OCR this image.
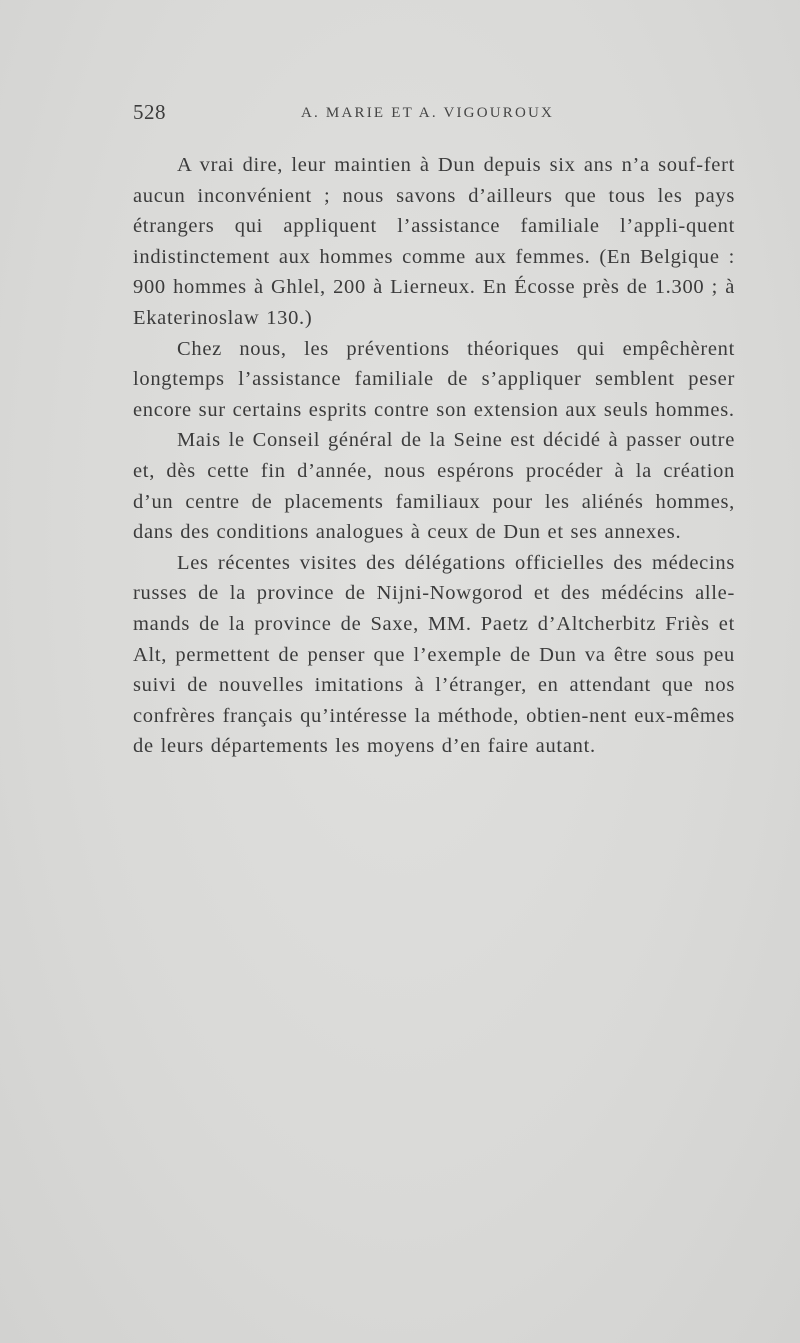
528	A. MARIE ET A. VIGOUROUX

A vrai dire, leur maintien à Dun depuis six ans n’a souf-fert aucun inconvénient ; nous savons d’ailleurs que tous les pays étrangers qui appliquent l’assistance familiale l’appli-quent indistinctement aux hommes comme aux femmes. (En Belgique : 900 hommes à Ghlel, 200 à Lierneux. En Écosse près de 1.300 ; à Ekaterinoslaw 130.)

Chez nous, les préventions théoriques qui empêchèrent longtemps l’assistance familiale de s’appliquer semblent peser encore sur certains esprits contre son extension aux seuls hommes.

Mais le Conseil général de la Seine est décidé à passer outre et, dès cette fin d’année, nous espérons procéder à la création d’un centre de placements familiaux pour les aliénés hommes, dans des conditions analogues à ceux de Dun et ses annexes.

Les récentes visites des délégations officielles des médecins russes de la province de Nijni-Nowgorod et des médécins alle-mands de la province de Saxe, MM. Paetz d’Altcherbitz Friès et Alt, permettent de penser que l’exemple de Dun va être sous peu suivi de nouvelles imitations à l’étranger, en attendant que nos confrères français qu’intéresse la méthode, obtien-nent eux-mêmes de leurs départements les moyens d’en faire autant.
